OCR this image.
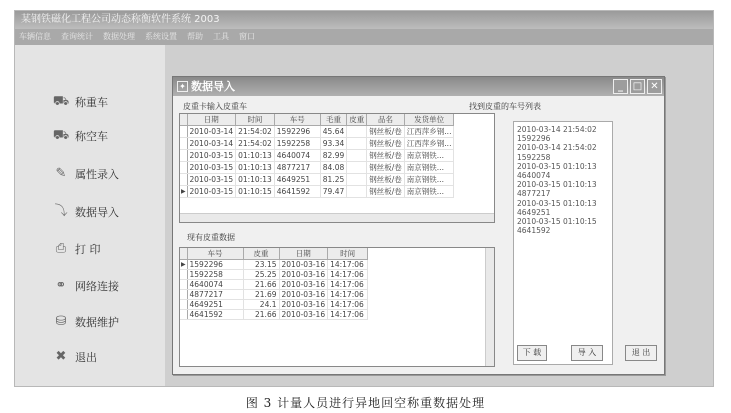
某钢铁磁化工程公司动态称衡软件系统 2003
车辆信息 查询统计 数据处理 系统设置 帮助 工具 窗口
⛟ 称重车
⛟ 称空车
✎ 属性录入
⤵ 数据导入
⎙ 打 印
⚭ 网络连接
⛁ 数据维护
✖ 退出
✦ 数据导入	_ □ ✕
皮重卡输入皮重车	找到皮重的车号列表
	日期	时间	车号	毛重	皮重	品名	发货单位
	2010-03-14	21:54:02	1592296	45.64		钢丝板/卷	江西萍乡钢...
	2010-03-14	21:54:02	1592258	93.34		钢丝板/卷	江西萍乡钢...
	2010-03-15	01:10:13	4640074	82.99		钢丝板/卷	南京钢铁...
	2010-03-15	01:10:13	4877217	84.08		钢丝板/卷	南京钢铁...
	2010-03-15	01:10:13	4649251	81.25		钢丝板/卷	南京钢铁...
▶	2010-03-15	01:10:15	4641592	79.47		钢丝板/卷	南京钢铁...
现有皮重数据
	车号	皮重	日期	时间
▶	1592296	23.15	2010-03-16	14:17:06
	1592258	25.25	2010-03-16	14:17:06
	4640074	21.66	2010-03-16	14:17:06
	4877217	21.69	2010-03-16	14:17:06
	4649251	24.1	2010-03-16	14:17:06
	4641592	21.66	2010-03-16	14:17:06
2010-03-14 21:54:02
1592296
2010-03-14 21:54:02
1592258
2010-03-15 01:10:13
4640074
2010-03-15 01:10:13
4877217
2010-03-15 01:10:13
4649251
2010-03-15 01:10:15
4641592
下 载	导 入	退 出
图 3 计量人员进行异地回空称重数据处理
